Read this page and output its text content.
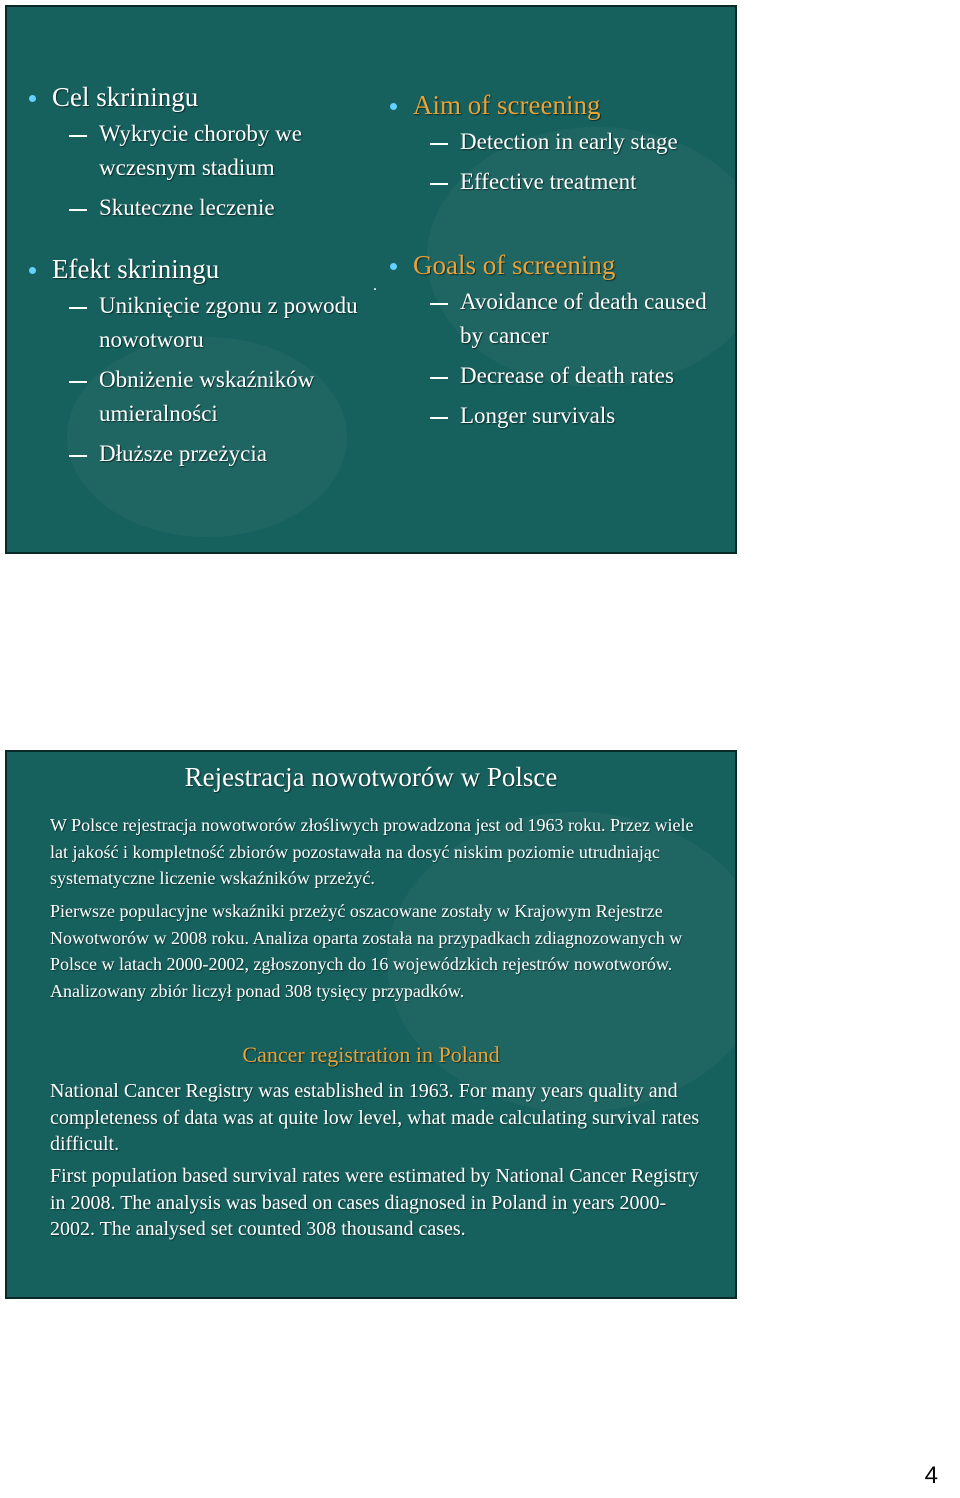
Cel skriningu
Wykrycie choroby we wczesnym stadium
Skuteczne leczenie
Efekt skriningu
Uniknięcie zgonu z powodu nowotworu
Obniżenie wskaźników umieralności
Dłuższe przeżycia
.
Aim of screening
Detection in early stage
Effective treatment
Goals of screening
Avoidance of death caused by cancer
Decrease of death rates
Longer survivals
Rejestracja nowotworów w Polsce
W Polsce rejestracja nowotworów złośliwych prowadzona jest od 1963 roku. Przez wiele lat jakość i kompletność zbiorów pozostawała na dosyć niskim poziomie utrudniając systematyczne liczenie wskaźników przeżyć.
Pierwsze populacyjne wskaźniki przeżyć oszacowane zostały w Krajowym Rejestrze Nowotworów w 2008 roku. Analiza oparta została na przypadkach zdiagnozowanych w Polsce w latach 2000-2002, zgłoszonych do 16 wojewódzkich rejestrów nowotworów. Analizowany zbiór liczył ponad 308 tysięcy przypadków.
Cancer registration in Poland
National Cancer Registry was established in 1963. For many years quality and completeness of data was at quite low level, what made calculating survival rates difficult.
First population based survival rates were estimated by National Cancer Registry in 2008. The analysis was based on cases diagnosed in Poland in years 2000-2002. The analysed set counted 308 thousand cases.
4
